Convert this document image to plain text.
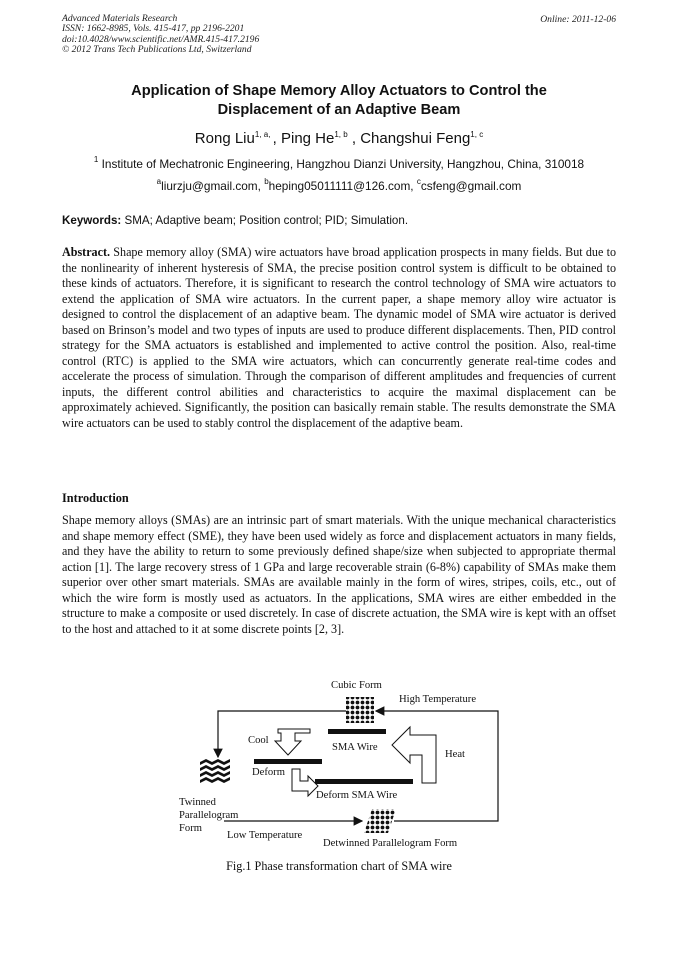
Advanced Materials Research
ISSN: 1662-8985, Vols. 415-417, pp 2196-2201
doi:10.4028/www.scientific.net/AMR.415-417.2196
© 2012 Trans Tech Publications Ltd, Switzerland
Online: 2011-12-06
Application of Shape Memory Alloy Actuators to Control the
Displacement of an Adaptive Beam
Rong Liu$^{1, a,}$ , Ping He$^{1, b}$ , Changshui Feng$^{1, c}$
$^1$ Institute of Mechatronic Engineering, Hangzhou Dianzi University, Hangzhou, China, 310018
$^a$liurzju@gmail.com, $^b$heping05011111@126.com, $^c$csfeng@gmail.com
Keywords: SMA; Adaptive beam; Position control; PID; Simulation.
Abstract. Shape memory alloy (SMA) wire actuators have broad application prospects in many fields. But due to the nonlinearity of inherent hysteresis of SMA, the precise position control system is difficult to be obtained to these kinds of actuators. Therefore, it is significant to research the control technology of SMA wire actuators to extend the application of SMA wire actuators. In the current paper, a shape memory alloy wire actuator is designed to control the displacement of an adaptive beam. The dynamic model of SMA wire actuator is derived based on Brinson’s model and two types of inputs are used to produce different displacements. Then, PID control strategy for the SMA actuators is established and implemented to active control the position. Also, real-time control (RTC) is applied to the SMA wire actuators, which can concurrently generate real-time codes and accelerate the process of simulation. Through the comparison of different amplitudes and frequencies of current inputs, the different control abilities and characteristics to acquire the maximal displacement can be approximately achieved. Significantly, the position can basically remain stable. The results demonstrate the SMA wire actuators can be used to stably control the displacement of the adaptive beam.
Introduction
Shape memory alloys (SMAs) are an intrinsic part of smart materials. With the unique mechanical characteristics and shape memory effect (SME), they have been used widely as force and displacement actuators in many fields, and they have the ability to return to some previously defined shape/size when subjected to appropriate thermal action [1]. The large recovery stress of 1 GPa and large recoverable strain (6-8%) capability of SMAs make them superior over other smart materials. SMAs are available mainly in the form of wires, stripes, coils, etc., out of which the wire form is mostly used as actuators. In the applications, SMA wires are either embedded in the structure to make a composite or used discretely. In case of discrete actuation, the SMA wire is kept with an offset to the host and attached to it at some discrete points [2, 3].
Cubic Form
High Temperature
Cool
SMA Wire
Heat
Deform
Deform SMA Wire
Twinned
Parallelogram
Form
Low Temperature
Detwinned Parallelogram Form
Fig.1 Phase transformation chart of SMA wire
